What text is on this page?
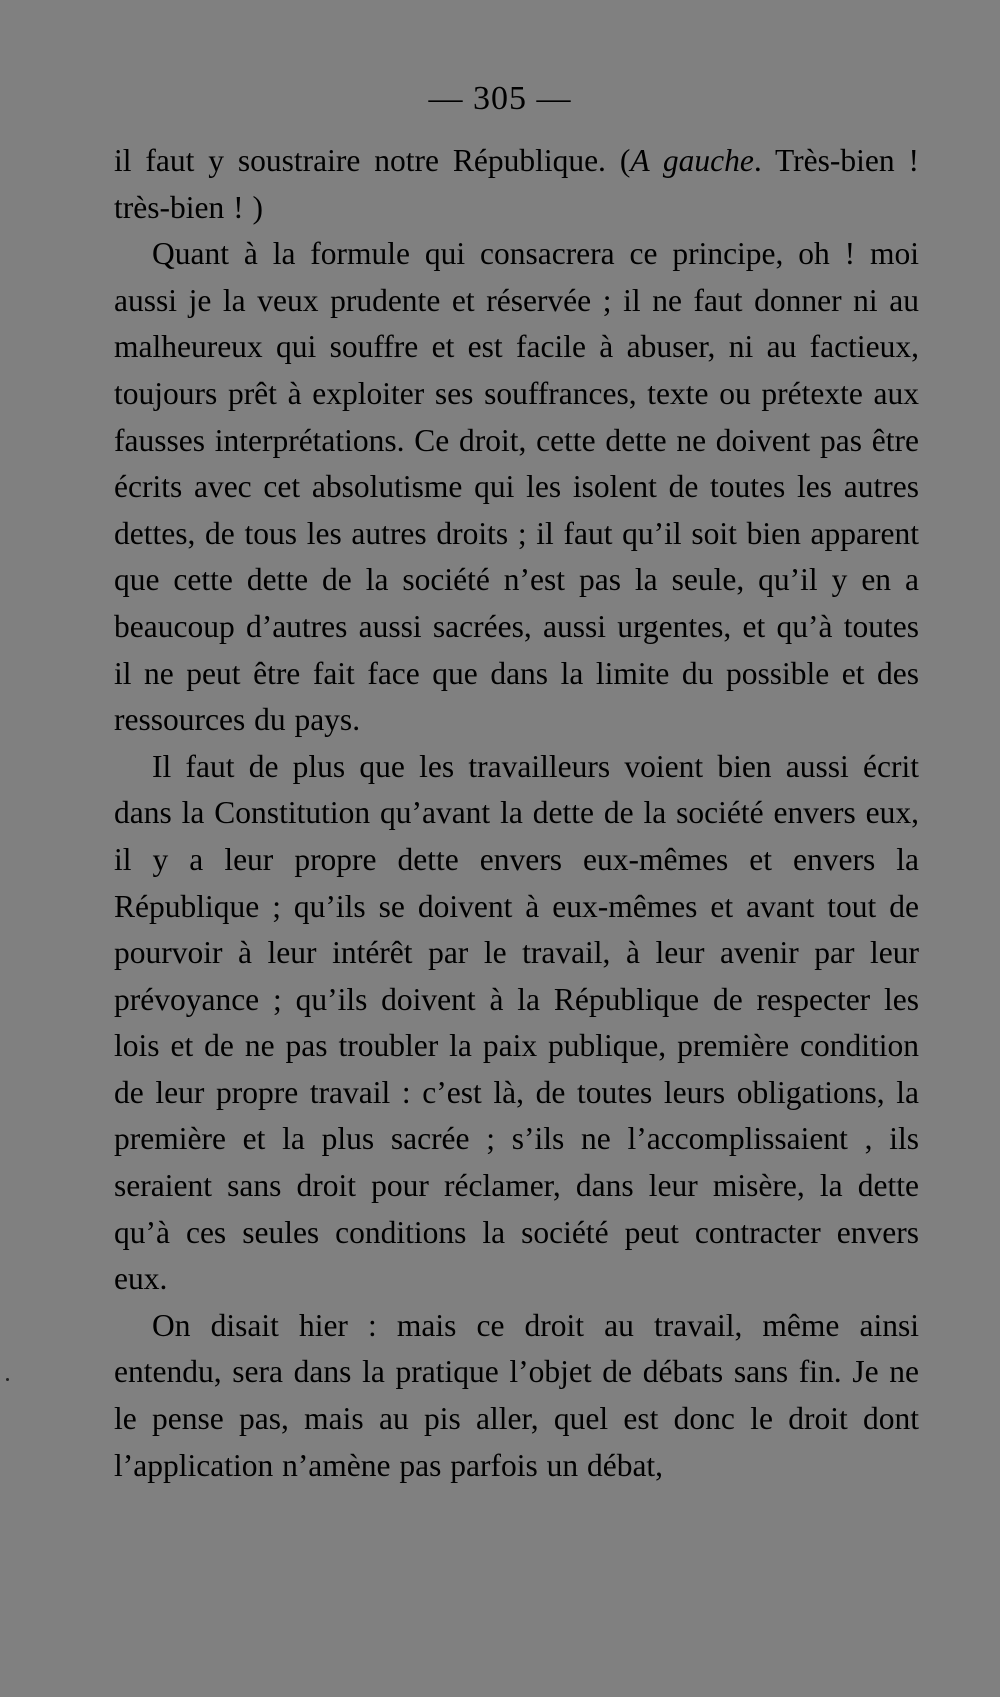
— 305 —

il faut y soustraire notre République. (A gauche. Très-bien ! très-bien ! )

Quant à la formule qui consacrera ce principe, oh ! moi aussi je la veux prudente et réservée ; il ne faut donner ni au malheureux qui souffre et est facile à abuser, ni au factieux, toujours prêt à exploiter ses souffrances, texte ou prétexte aux fausses interprétations. Ce droit, cette dette ne doivent pas être écrits avec cet absolutisme qui les isolent de toutes les autres dettes, de tous les autres droits ; il faut qu’il soit bien apparent que cette dette de la société n’est pas la seule, qu’il y en a beaucoup d’autres aussi sacrées, aussi urgentes, et qu’à toutes il ne peut être fait face que dans la limite du possible et des ressources du pays.

Il faut de plus que les travailleurs voient bien aussi écrit dans la Constitution qu’avant la dette de la société envers eux, il y a leur propre dette envers eux-mêmes et envers la République ; qu’ils se doivent à eux-mêmes et avant tout de pourvoir à leur intérêt par le travail, à leur avenir par leur prévoyance ; qu’ils doivent à la République de respecter les lois et de ne pas troubler la paix publique, première condition de leur propre travail : c’est là, de toutes leurs obligations, la première et la plus sacrée ; s’ils ne l’accomplissaient , ils seraient sans droit pour réclamer, dans leur misère, la dette qu’à ces seules conditions la société peut contracter envers eux.

On disait hier : mais ce droit au travail, même ainsi entendu, sera dans la pratique l’objet de débats sans fin. Je ne le pense pas, mais au pis aller, quel est donc le droit dont l’application n’amène pas parfois un débat,
